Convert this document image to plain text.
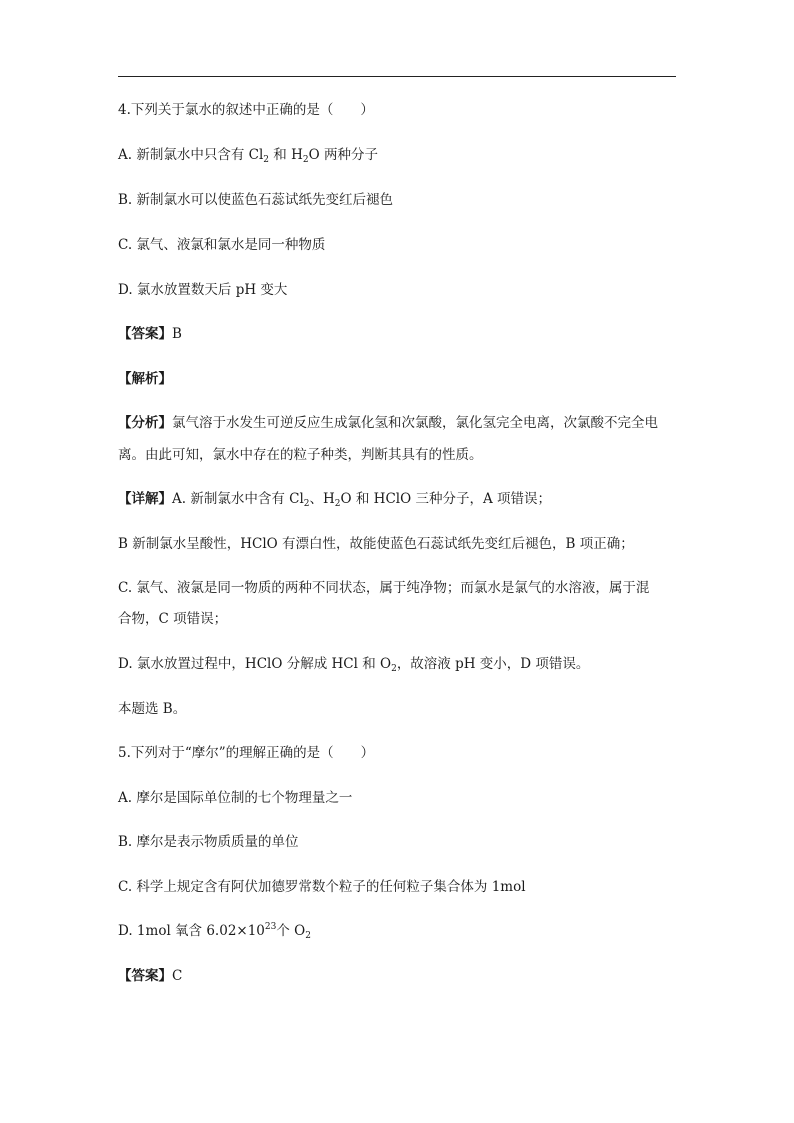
4.下列关于氯水的叙述中正确的是（　　）
A. 新制氯水中只含有 $Cl_2$ 和 $H_2O$ 两种分子
B. 新制氯水可以使蓝色石蕊试纸先变红后褪色
C. 氯气、液氯和氯水是同一种物质
D. 氯水放置数天后 pH 变大
【答案】B
【解析】
【分析】氯气溶于水发生可逆反应生成氯化氢和次氯酸，氯化氢完全电离，次氯酸不完全电
离。由此可知，氯水中存在的粒子种类，判断其具有的性质。
【详解】A. 新制氯水中含有 $Cl_2$、$H_2O$ 和 HClO 三种分子，A 项错误；
B 新制氯水呈酸性，HClO 有漂白性，故能使蓝色石蕊试纸先变红后褪色，B 项正确；
C. 氯气、液氯是同一物质的两种不同状态，属于纯净物；而氯水是氯气的水溶液，属于混
合物，C 项错误；
D. 氯水放置过程中，HClO 分解成 HCl 和 $O_2$，故溶液 pH 变小，D 项错误。
本题选 B。
5.下列对于“摩尔”的理解正确的是（　　）
A. 摩尔是国际单位制的七个物理量之一
B. 摩尔是表示物质质量的单位
C. 科学上规定含有阿伏加德罗常数个粒子的任何粒子集合体为 1mol
D. 1mol 氧含 $6.02\times 10^{23}$个 $O_2$
【答案】C
